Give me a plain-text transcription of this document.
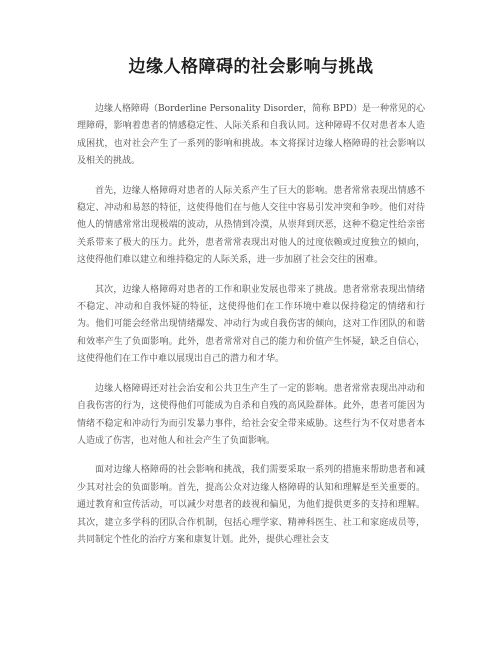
边缘人格障碍的社会影响与挑战

边缘人格障碍（Borderline Personality Disorder，简称 BPD）是一种常见的心理障碍，影响着患者的情感稳定性、人际关系和自我认同。这种障碍不仅对患者本人造成困扰，也对社会产生了一系列的影响和挑战。本文将探讨边缘人格障碍的社会影响以及相关的挑战。

首先，边缘人格障碍对患者的人际关系产生了巨大的影响。患者常常表现出情感不稳定、冲动和易怒的特征，这使得他们在与他人交往中容易引发冲突和争吵。他们对待他人的情感常常出现极端的波动，从热情到冷漠，从崇拜到厌恶，这种不稳定性给亲密关系带来了极大的压力。此外，患者常常表现出对他人的过度依赖或过度独立的倾向，这使得他们难以建立和维持稳定的人际关系，进一步加剧了社会交往的困难。

其次，边缘人格障碍对患者的工作和职业发展也带来了挑战。患者常常表现出情绪不稳定、冲动和自我怀疑的特征，这使得他们在工作环境中难以保持稳定的情绪和行为。他们可能会经常出现情绪爆发、冲动行为或自我伤害的倾向，这对工作团队的和谐和效率产生了负面影响。此外，患者常常对自己的能力和价值产生怀疑，缺乏自信心，这使得他们在工作中难以展现出自己的潜力和才华。

边缘人格障碍还对社会治安和公共卫生产生了一定的影响。患者常常表现出冲动和自我伤害的行为，这使得他们可能成为自杀和自残的高风险群体。此外，患者可能因为情绪不稳定和冲动行为而引发暴力事件，给社会安全带来威胁。这些行为不仅对患者本人造成了伤害，也对他人和社会产生了负面影响。

面对边缘人格障碍的社会影响和挑战，我们需要采取一系列的措施来帮助患者和减少其对社会的负面影响。首先，提高公众对边缘人格障碍的认知和理解是至关重要的。通过教育和宣传活动，可以减少对患者的歧视和偏见，为他们提供更多的支持和理解。其次，建立多学科的团队合作机制，包括心理学家、精神科医生、社工和家庭成员等，共同制定个性化的治疗方案和康复计划。此外，提供心理社会支
